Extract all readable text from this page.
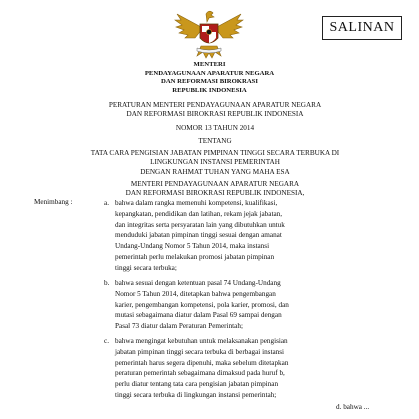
SALINAN
MENTERI
PENDAYAGUNAAN APARATUR NEGARA
DAN REFORMASI BIROKRASI
REPUBLIK INDONESIA
PERATURAN MENTERI PENDAYAGUNAAN APARATUR NEGARA
DAN REFORMASI BIROKRASI REPUBLIK INDONESIA
NOMOR 13 TAHUN 2014
TENTANG
TATA CARA PENGISIAN JABATAN PIMPINAN TINGGI SECARA TERBUKA DI
LINGKUNGAN INSTANSI PEMERINTAH
DENGAN RAHMAT TUHAN YANG MAHA ESA
MENTERI PENDAYAGUNAAN APARATUR NEGARA
DAN REFORMASI BIROKRASI REPUBLIK INDONESIA,
Menimbang :	a. bahwa dalam rangka memenuhi kompetensi, kualifikasi,
kepangkatan, pendidikan dan latihan, rekam jejak jabatan,
dan integritas serta persyaratan lain yang dibutuhkan untuk
menduduki jabatan pimpinan tinggi sesuai dengan amanat
Undang-Undang Nomor 5 Tahun 2014, maka instansi
pemerintah perlu melakukan promosi jabatan pimpinan
tinggi secara terbuka;
b. bahwa sesuai dengan ketentuan pasal 74 Undang-Undang
Nomor 5 Tahun 2014, ditetapkan bahwa pengembangan
karier, pengembangan kompetensi, pola karier, promosi, dan
mutasi sebagaimana diatur dalam Pasal 69 sampai dengan
Pasal 73 diatur dalam Peraturan Pemerintah;
c. bahwa mengingat kebutuhan untuk melaksanakan pengisian
jabatan pimpinan tinggi secara terbuka di berbagai instansi
pemerintah harus segera dipenuhi, maka sebelum ditetapkan
peraturan pemerintah sebagaimana dimaksud pada huruf b,
perlu diatur tentang tata cara pengisian jabatan pimpinan
tinggi secara terbuka di lingkungan instansi pemerintah;
d. bahwa ...
